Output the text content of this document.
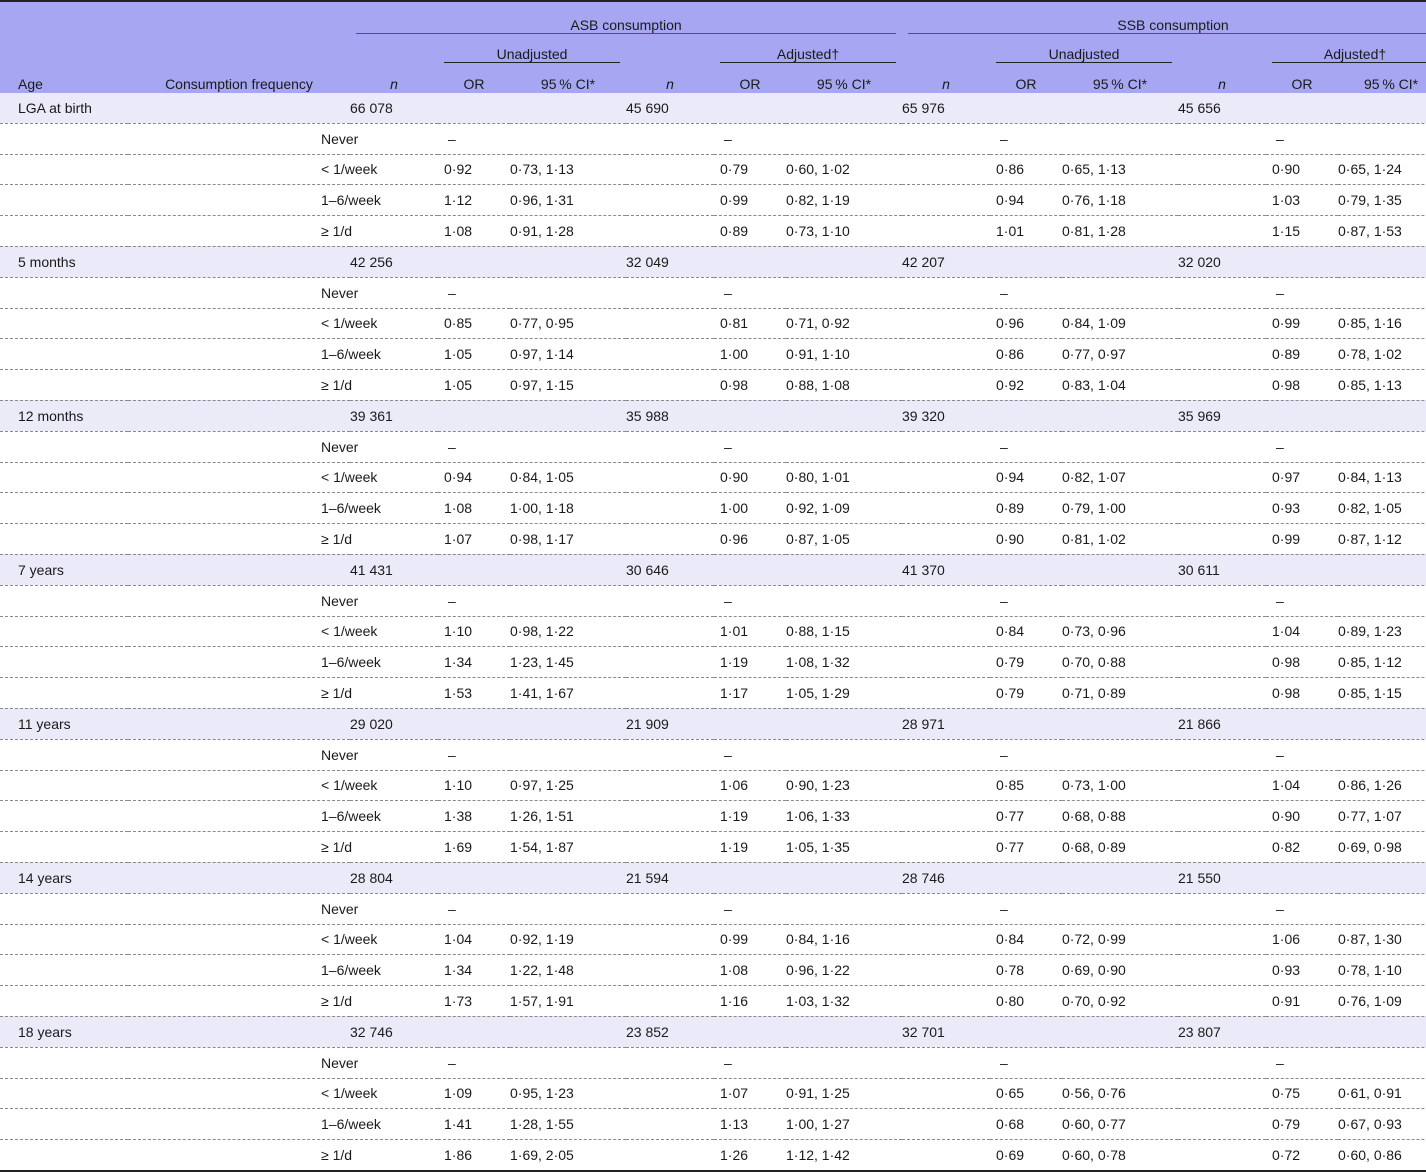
		ASB consumption						SSB consumption					
			Unadjusted			Adjusted†			Unadjusted			Adjusted†	
Age	Consumption frequency	n	OR	95 % CI*	n	OR	95 % CI*	n	OR	95 % CI*	n	OR	95 % CI*
LGA at birth		66 078			45 690			65 976			45 656		
	Never		–			–			–			–	
	< 1/week		0·92	0·73, 1·13		0·79	0·60, 1·02		0·86	0·65, 1·13		0·90	0·65, 1·24
	1–6/week		1·12	0·96, 1·31		0·99	0·82, 1·19		0·94	0·76, 1·18		1·03	0·79, 1·35
	≥ 1/d		1·08	0·91, 1·28		0·89	0·73, 1·10		1·01	0·81, 1·28		1·15	0·87, 1·53
5 months		42 256			32 049			42 207			32 020		
	Never		–			–			–			–	
	< 1/week		0·85	0·77, 0·95		0·81	0·71, 0·92		0·96	0·84, 1·09		0·99	0·85, 1·16
	1–6/week		1·05	0·97, 1·14		1·00	0·91, 1·10		0·86	0·77, 0·97		0·89	0·78, 1·02
	≥ 1/d		1·05	0·97, 1·15		0·98	0·88, 1·08		0·92	0·83, 1·04		0·98	0·85, 1·13
12 months		39 361			35 988			39 320			35 969		
	Never		–			–			–			–	
	< 1/week		0·94	0·84, 1·05		0·90	0·80, 1·01		0·94	0·82, 1·07		0·97	0·84, 1·13
	1–6/week		1·08	1·00, 1·18		1·00	0·92, 1·09		0·89	0·79, 1·00		0·93	0·82, 1·05
	≥ 1/d		1·07	0·98, 1·17		0·96	0·87, 1·05		0·90	0·81, 1·02		0·99	0·87, 1·12
7 years		41 431			30 646			41 370			30 611		
	Never		–			–			–			–	
	< 1/week		1·10	0·98, 1·22		1·01	0·88, 1·15		0·84	0·73, 0·96		1·04	0·89, 1·23
	1–6/week		1·34	1·23, 1·45		1·19	1·08, 1·32		0·79	0·70, 0·88		0·98	0·85, 1·12
	≥ 1/d		1·53	1·41, 1·67		1·17	1·05, 1·29		0·79	0·71, 0·89		0·98	0·85, 1·15
11 years		29 020			21 909			28 971			21 866		
	Never		–			–			–			–	
	< 1/week		1·10	0·97, 1·25		1·06	0·90, 1·23		0·85	0·73, 1·00		1·04	0·86, 1·26
	1–6/week		1·38	1·26, 1·51		1·19	1·06, 1·33		0·77	0·68, 0·88		0·90	0·77, 1·07
	≥ 1/d		1·69	1·54, 1·87		1·19	1·05, 1·35		0·77	0·68, 0·89		0·82	0·69, 0·98
14 years		28 804			21 594			28 746			21 550		
	Never		–			–			–			–	
	< 1/week		1·04	0·92, 1·19		0·99	0·84, 1·16		0·84	0·72, 0·99		1·06	0·87, 1·30
	1–6/week		1·34	1·22, 1·48		1·08	0·96, 1·22		0·78	0·69, 0·90		0·93	0·78, 1·10
	≥ 1/d		1·73	1·57, 1·91		1·16	1·03, 1·32		0·80	0·70, 0·92		0·91	0·76, 1·09
18 years		32 746			23 852			32 701			23 807		
	Never		–			–			–			–	
	< 1/week		1·09	0·95, 1·23		1·07	0·91, 1·25		0·65	0·56, 0·76		0·75	0·61, 0·91
	1–6/week		1·41	1·28, 1·55		1·13	1·00, 1·27		0·68	0·60, 0·77		0·79	0·67, 0·93
	≥ 1/d		1·86	1·69, 2·05		1·26	1·12, 1·42		0·69	0·60, 0·78		0·72	0·60, 0·86
